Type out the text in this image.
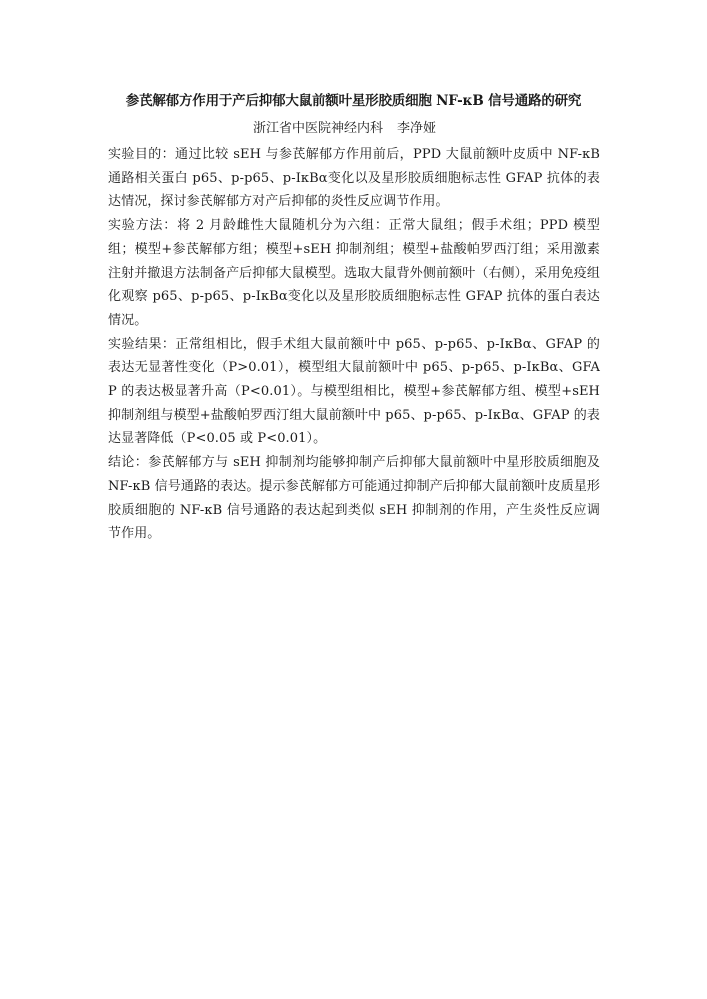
参芪解郁方作用于产后抑郁大鼠前额叶星形胶质细胞 NF-κB 信号通路的研究
浙江省中医院神经内科 李净娅

实验目的：通过比较 sEH 与参芪解郁方作用前后，PPD 大鼠前额叶皮质中 NF-κB 通路相关蛋白 p65、p-p65、p-IκBα变化以及星形胶质细胞标志性 GFAP 抗体的表达情况，探讨参芪解郁方对产后抑郁的炎性反应调节作用。

实验方法：将 2 月龄雌性大鼠随机分为六组：正常大鼠组；假手术组；PPD 模型组；模型+参芪解郁方组；模型+sEH 抑制剂组；模型+盐酸帕罗西汀组；采用激素注射并撤退方法制备产后抑郁大鼠模型。选取大鼠背外侧前额叶（右侧），采用免疫组化观察 p65、p-p65、p-IκBα变化以及星形胶质细胞标志性 GFAP 抗体的蛋白表达情况。

实验结果：正常组相比，假手术组大鼠前额叶中 p65、p-p65、p-IκBα、GFAP 的表达无显著性变化（P>0.01），模型组大鼠前额叶中 p65、p-p65、p-IκBα、GFAP 的表达极显著升高（P<0.01）。与模型组相比，模型+参芪解郁方组、模型+sEH 抑制剂组与模型+盐酸帕罗西汀组大鼠前额叶中 p65、p-p65、p-IκBα、GFAP 的表达显著降低（P<0.05 或 P<0.01）。

结论：参芪解郁方与 sEH 抑制剂均能够抑制产后抑郁大鼠前额叶中星形胶质细胞及 NF-κB 信号通路的表达。提示参芪解郁方可能通过抑制产后抑郁大鼠前额叶皮质星形胶质细胞的 NF-κB 信号通路的表达起到类似 sEH 抑制剂的作用，产生炎性反应调节作用。
